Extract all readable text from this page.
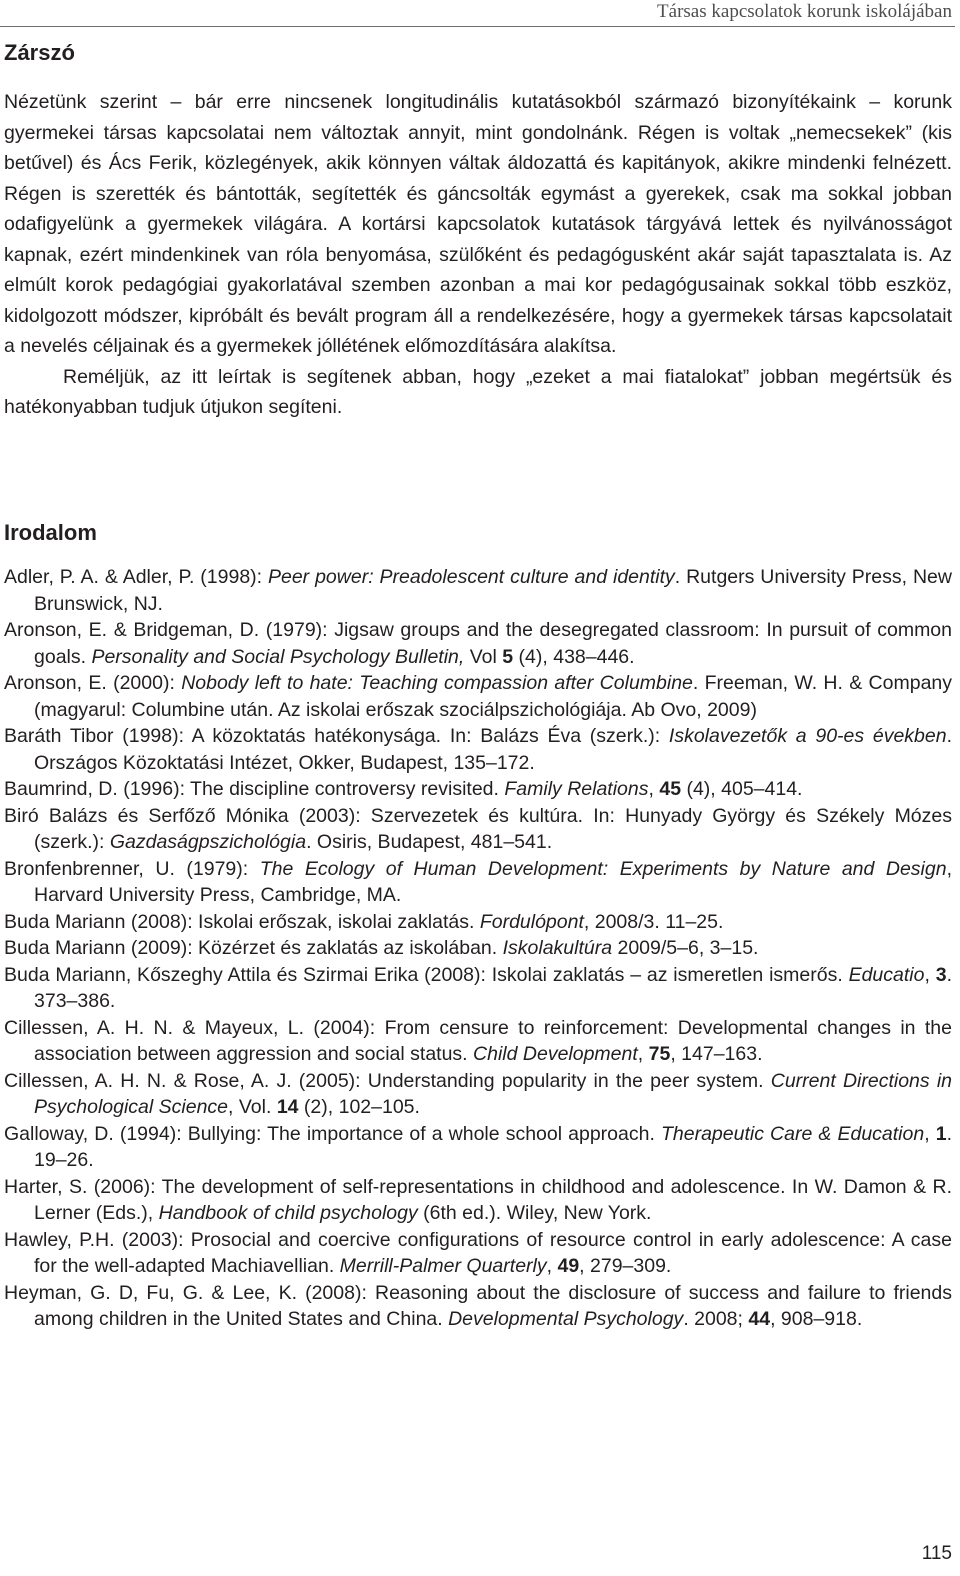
Társas kapcsolatok korunk iskolájában
Zárszó

Nézetünk szerint – bár erre nincsenek longitudinális kutatásokból származó bizonyítékaink – korunk gyermekei társas kapcsolatai nem változtak annyit, mint gondolnánk. Régen is voltak „nemecsekek” (kis betűvel) és Ács Ferik, közlegények, akik könnyen váltak áldozattá és kapitányok, akikre mindenki felnézett. Régen is szerették és bántották, segítették és gáncsolták egymást a gyerekek, csak ma sokkal jobban odafigyelünk a gyermekek világára. A kortársi kapcsolatok kutatások tárgyává lettek és nyilvánosságot kapnak, ezért mindenkinek van róla benyomása, szülőként és pedagógusként akár saját tapasztalata is. Az elmúlt korok pedagógiai gyakorlatával szemben azonban a mai kor pedagógusainak sokkal több eszköz, kidolgozott módszer, kipróbált és bevált program áll a rendelkezésére, hogy a gyermekek társas kapcsolatait a nevelés céljainak és a gyermekek jóllétének előmozdítására alakítsa.

Reméljük, az itt leírtak is segítenek abban, hogy „ezeket a mai fiatalokat” jobban megértsük és hatékonyabban tudjuk útjukon segíteni.

Irodalom
Adler, P. A. & Adler, P. (1998): Peer power: Preadolescent culture and identity. Rutgers University Press, New Brunswick, NJ.
Aronson, E. & Bridgeman, D. (1979): Jigsaw groups and the desegregated classroom: In pursuit of common goals. Personality and Social Psychology Bulletin, Vol 5 (4), 438–446.
Aronson, E. (2000): Nobody left to hate: Teaching compassion after Columbine. Freeman, W. H. & Company (magyarul: Columbine után. Az iskolai erőszak szociálpszichológiája. Ab Ovo, 2009)
Baráth Tibor (1998): A közoktatás hatékonysága. In: Balázs Éva (szerk.): Iskolavezetők a 90-es években. Országos Közoktatási Intézet, Okker, Budapest, 135–172.
Baumrind, D. (1996): The discipline controversy revisited. Family Relations, 45 (4), 405–414.
Biró Balázs és Serfőző Mónika (2003): Szervezetek és kultúra. In: Hunyady György és Székely Mózes (szerk.): Gazdaságpszichológia. Osiris, Budapest, 481–541.
Bronfenbrenner, U. (1979): The Ecology of Human Development: Experiments by Nature and Design, Harvard University Press, Cambridge, MA.
Buda Mariann (2008): Iskolai erőszak, iskolai zaklatás. Fordulópont, 2008/3. 11–25.
Buda Mariann (2009): Közérzet és zaklatás az iskolában. Iskolakultúra 2009/5–6, 3–15.
Buda Mariann, Kőszeghy Attila és Szirmai Erika (2008): Iskolai zaklatás – az ismeretlen ismerős. Educatio, 3. 373–386.
Cillessen, A. H. N. & Mayeux, L. (2004): From censure to reinforcement: Developmental changes in the association between aggression and social status. Child Development, 75, 147–163.
Cillessen, A. H. N. & Rose, A. J. (2005): Understanding popularity in the peer system. Current Directions in Psychological Science, Vol. 14 (2), 102–105.
Galloway, D. (1994): Bullying: The importance of a whole school approach. Therapeutic Care & Education, 1. 19–26.
Harter, S. (2006): The development of self-representations in childhood and adolescence. In W. Damon & R. Lerner (Eds.), Handbook of child psychology (6th ed.). Wiley, New York.
Hawley, P.H. (2003): Prosocial and coercive configurations of resource control in early adolescence: A case for the well-adapted Machiavellian. Merrill-Palmer Quarterly, 49, 279–309.
Heyman, G. D, Fu, G. & Lee, K. (2008): Reasoning about the disclosure of success and failure to friends among children in the United States and China. Developmental Psychology. 2008; 44, 908–918.
115
